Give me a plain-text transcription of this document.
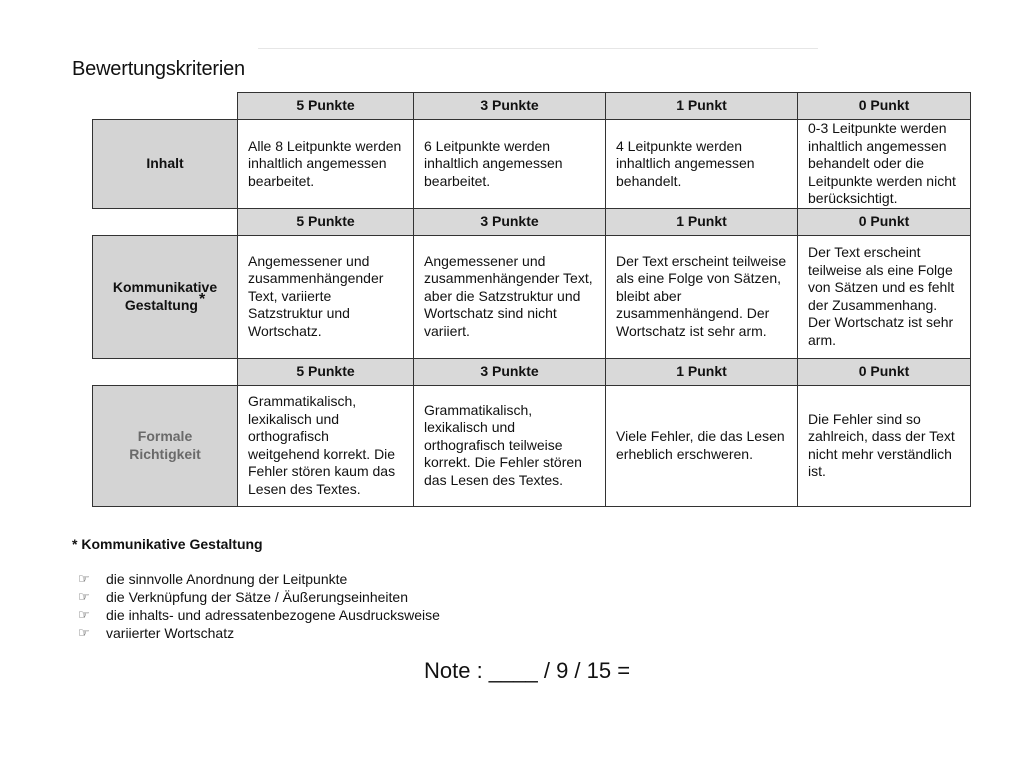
Bewertungskriterien
	5 Punkte	3 Punkte	1 Punkt	0 Punkt
Inhalt	Alle 8 Leitpunkte werden inhaltlich angemessen bearbeitet.	6 Leitpunkte werden inhaltlich angemessen bearbeitet.	4 Leitpunkte werden inhaltlich angemessen behandelt.	0-3 Leitpunkte werden inhaltlich angemessen behandelt oder die Leitpunkte werden nicht berücksichtigt.
	5 Punkte	3 Punkte	1 Punkt	0 Punkt
Kommunikative
Gestaltung*	Angemessener und zusammenhängender Text, variierte Satzstruktur und Wortschatz.	Angemessener und zusammenhängender Text, aber die Satzstruktur und Wortschatz sind nicht variiert.	Der Text erscheint teilweise als eine Folge von Sätzen, bleibt aber zusammenhängend. Der Wortschatz ist sehr arm.	Der Text erscheint teilweise als eine Folge von Sätzen und es fehlt der Zusammenhang. Der Wortschatz ist sehr arm.
	5 Punkte	3 Punkte	1 Punkt	0 Punkt
Formale
Richtigkeit	Grammatikalisch, lexikalisch und orthografisch weitgehend korrekt. Die Fehler stören kaum das Lesen des Textes.	Grammatikalisch, lexikalisch und orthografisch teilweise korrekt. Die Fehler stören das Lesen des Textes.	Viele Fehler, die das Lesen erheblich erschweren.	Die Fehler sind so zahlreich, dass der Text nicht mehr verständlich ist.
* Kommunikative Gestaltung
☞	die sinnvolle Anordnung der Leitpunkte
☞	die Verknüpfung der Sätze / Äußerungseinheiten
☞	die inhalts- und adressatenbezogene Ausdrucksweise
☞	variierter Wortschatz
Note : ____ / 9 / 15 =
